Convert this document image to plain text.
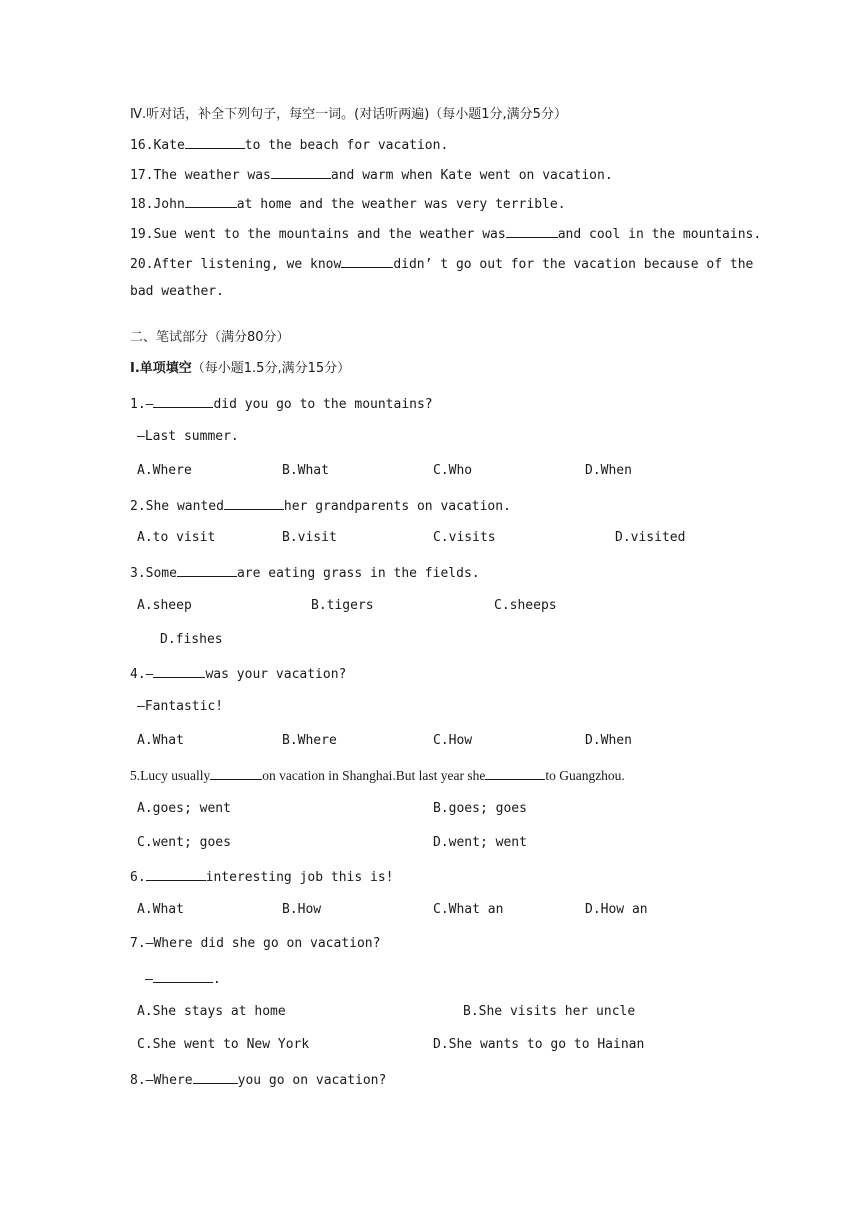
Ⅳ.听对话，补全下列句子，每空一词。(对话听两遍)（每小题1分,满分5分）
16.Kate	to the beach for vacation.
17.The weather was	and warm when Kate went on vacation.
18.John	at home and the weather was very terrible.
19.Sue went to the mountains and the weather was	and cool in the mountains.
20.After listening, we know	didn’ t go out for the vacation because of the
bad weather.
二、笔试部分（满分80分）
Ⅰ.单项填空（每小题1.5分,满分15分）
1.—	did you go to the mountains?
—Last summer.
A.Where	B.What	C.Who	D.When
2.She wanted	her grandparents on vacation.
A.to visit	B.visit	C.visits	D.visited
3.Some	are eating grass in the fields.
A.sheep	B.tigers	C.sheeps
D.fishes
4.—	was your vacation?
—Fantastic!
A.What	B.Where	C.How	D.When
5.Lucy usually	on vacation in Shanghai.But last year she	to Guangzhou.
A.goes; went	B.goes; goes
C.went; goes	D.went; went
6.	interesting job this is!
A.What	B.How	C.What an	D.How an
7.—Where did she go on vacation?
—	.
A.She stays at home	B.She visits her uncle
C.She went to New York	D.She wants to go to Hainan
8.—Where	you go on vacation?
